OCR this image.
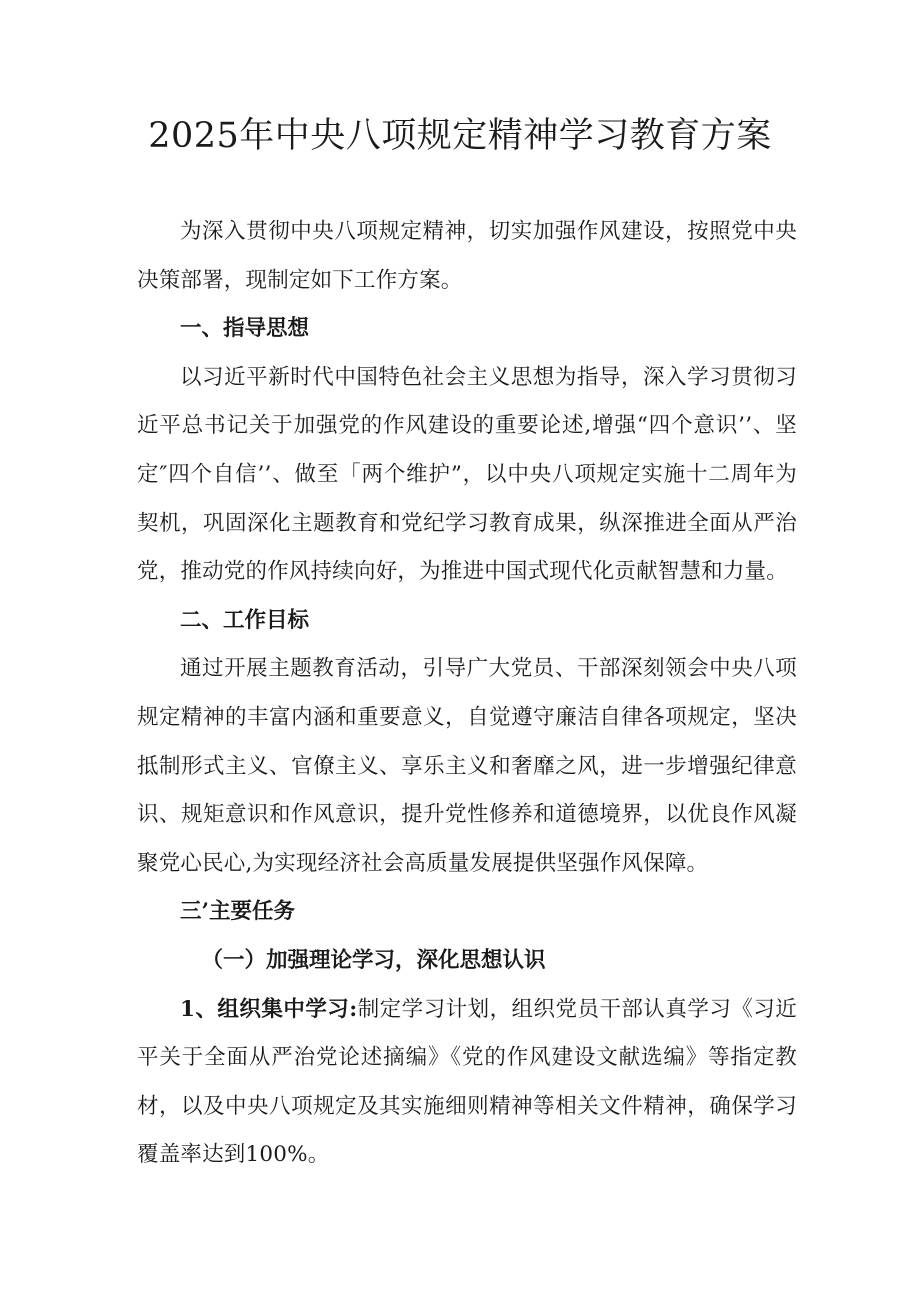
2025年中央八项规定精神学习教育方案

为深入贯彻中央八项规定精神，切实加强作风建设，按照党中央决策部署，现制定如下工作方案。

一、指导思想

以习近平新时代中国特色社会主义思想为指导，深入学习贯彻习近平总书记关于加强党的作风建设的重要论述,增强“四个意识’’、坚定″四个自信’’、做至「两个维护”，以中央八项规定实施十二周年为契机，巩固深化主题教育和党纪学习教育成果，纵深推进全面从严治党，推动党的作风持续向好，为推进中国式现代化贡献智慧和力量。

二、工作目标

通过开展主题教育活动，引导广大党员、干部深刻领会中央八项规定精神的丰富内涵和重要意义，自觉遵守廉洁自律各项规定，坚决抵制形式主义、官僚主义、享乐主义和奢靡之风，进一步增强纪律意识、规矩意识和作风意识，提升党性修养和道德境界，以优良作风凝聚党心民心,为实现经济社会高质量发展提供坚强作风保障。

三’主要任务

（一）加强理论学习，深化思想认识

1、组织集中学习:制定学习计划，组织党员干部认真学习《习近平关于全面从严治党论述摘编》《党的作风建设文献选编》等指定教材，以及中央八项规定及其实施细则精神等相关文件精神，确保学习覆盖率达到100%。
